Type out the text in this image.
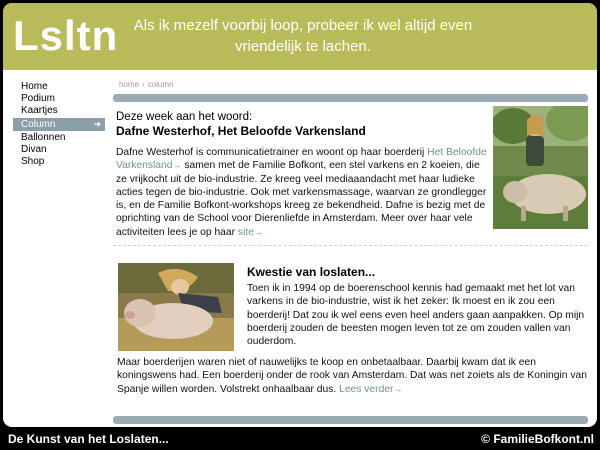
Lsltn Als ik mezelf voorbij loop, probeer ik wel altijd even vriendelijk te lachen.
Home
Podium
Kaartjes
Column	➜
Ballonnen
Divan
Shop
home › column
Deze week aan het woord:
Dafne Westerhof, Het Beloofde Varkensland

Dafne Westerhof is communicatietrainer en woont op haar boerderij Het Beloofde Varkensland→ samen met de Familie Bofkont, een stel varkens en 2 koeien, die ze vrijkocht uit de bio-industrie. Ze kreeg veel mediaaandacht met haar ludieke acties tegen de bio-industrie. Ook met varkensmassage, waarvan ze grondlegger is, en de Familie Bofkont-workshops kreeg ze bekendheid. Dafne is bezig met de oprichting van de School voor Dierenliefde in Amsterdam. Meer over haar vele activiteiten lees je op haar site→

Kwestie van loslaten...

Toen ik in 1994 op de boerenschool kennis had gemaakt met het lot van varkens in de bio-industrie, wist ik het zeker: Ik moest en ik zou een boerderij! Dat zou ik wel eens even heel anders gaan aanpakken. Op mijn boerderij zouden de beesten mogen leven tot ze om zouden vallen van ouderdom.

Maar boerderijen waren niet of nauwelijks te koop en onbetaalbaar. Daarbij kwam dat ik een koningswens had. Een boerderij onder de rook van Amsterdam. Dat was net zoiets als de Koningin van Spanje willen worden. Volstrekt onhaalbaar dus. Lees verder→

De Kunst van het Loslaten...	© FamilieBofkont.nl
